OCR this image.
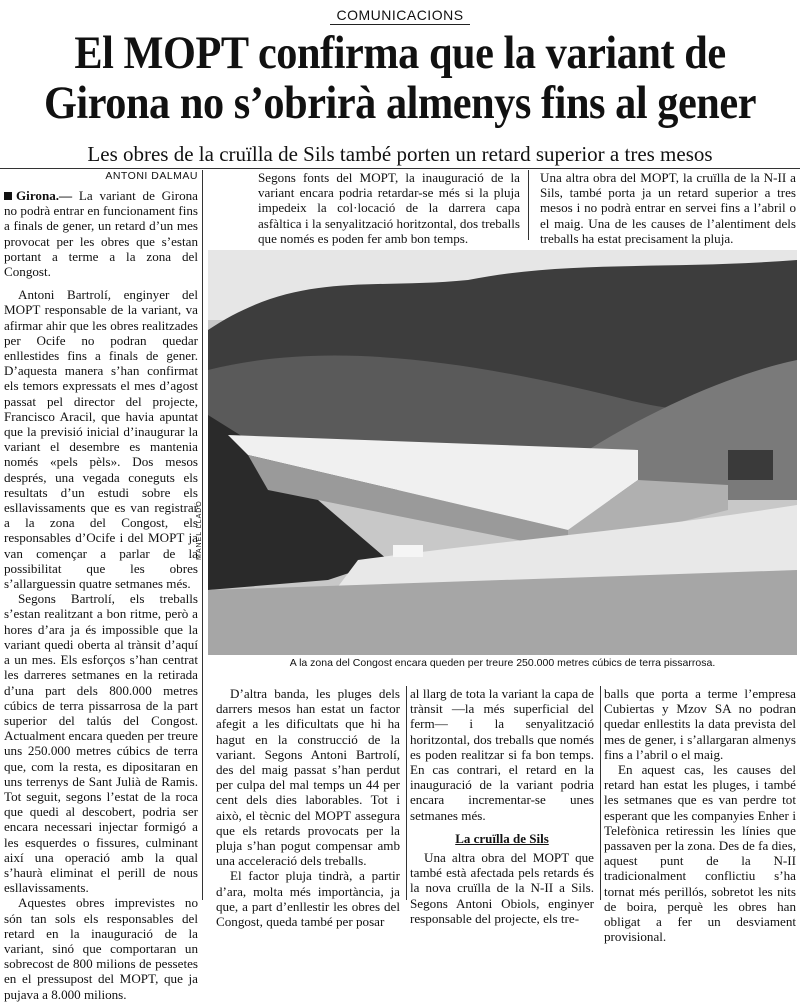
COMUNICACIONS
El MOPT confirma que la variant de Girona no s’obrirà almenys fins al gener
Les obres de la cruïlla de Sils també porten un retard superior a tres mesos
ANTONI DALMAU
Girona.— La variant de Girona no podrà entrar en funcionament fins a finals de gener, un retard d’un mes provocat per les obres que s’estan portant a terme a la zona del Congost.

Antoni Bartrolí, enginyer del MOPT responsable de la variant, va afirmar ahir que les obres realitzades per Ocife no podran quedar enllestides fins a finals de gener. D’aquesta manera s’han confirmat els temors expressats el mes d’agost passat pel director del projecte, Francisco Aracil, que havia apuntat que la previsió inicial d’inaugurar la variant el desembre es mantenia només «pels pèls». Dos mesos després, una vegada coneguts els resultats d’un estudi sobre els esllavissaments que es van registrar a la zona del Congost, els responsables d’Ocife i del MOPT ja van començar a parlar de la possibilitat que les obres s’allarguessin quatre setmanes més.

Segons Bartrolí, els treballs s’estan realitzant a bon ritme, però a hores d’ara ja és impossible que la variant quedi oberta al trànsit d’aquí a un mes. Els esforços s’han centrat les darreres setmanes en la retirada d’una part dels 800.000 metres cúbics de terra pissarrosa de la part superior del talús del Congost. Actualment encara queden per treure uns 250.000 metres cúbics de terra que, com la resta, es dipositaran en uns terrenys de Sant Julià de Ramis. Tot seguit, segons l’estat de la roca que quedi al descobert, podria ser encara necessari injectar formigó a les esquerdes o fissures, culminant així una operació amb la qual s’haurà eliminat el perill de nous esllavissaments.

Aquestes obres imprevistes no són tan sols els responsables del retard en la inauguració de la variant, sinó que comportaran un sobrecost de 800 milions de pessetes en el pressupost del MOPT, que ja pujava a 8.000 milions.

Segons fonts del MOPT, la inauguració de la variant encara podria retardar-se més si la pluja impedeix la col·locació de la darrera capa asfàltica i la senyalització horitzontal, dos treballs que només es poden fer amb bon temps.
Una altra obra del MOPT, la cruïlla de la N-II a Sils, també porta ja un retard superior a tres mesos i no podrà entrar en servei fins a l’abril o el maig. Una de les causes de l’alentiment dels treballs ha estat precisament la pluja.
MANEL LLADÓ
A la zona del Congost encara queden per treure 250.000 metres cúbics de terra pissarrosa.

D’altra banda, les pluges dels darrers mesos han estat un factor afegit a les dificultats que hi ha hagut en la construcció de la variant. Segons Antoni Bartrolí, des del maig passat s’han perdut per culpa del mal temps un 44 per cent dels dies laborables. Tot i això, el tècnic del MOPT assegura que els retards provocats per la pluja s’han pogut compensar amb una acceleració dels treballs.

El factor pluja tindrà, a partir d’ara, molta més importància, ja que, a part d’enllestir les obres del Congost, queda també per posar

al llarg de tota la variant la capa de trànsit —la més superficial del ferm— i la senyalització horitzontal, dos treballs que només es poden realitzar si fa bon temps. En cas contrari, el retard en la inauguració de la variant podria encara incrementar-se unes setmanes més.

La cruïlla de Sils

Una altra obra del MOPT que també està afectada pels retards és la nova cruïlla de la N-II a Sils. Segons Antoni Obiols, enginyer responsable del projecte, els tre-

balls que porta a terme l’empresa Cubiertas y Mzov SA no podran quedar enllestits la data prevista del mes de gener, i s’allargaran almenys fins a l’abril o el maig.

En aquest cas, les causes del retard han estat les pluges, i també les setmanes que es van perdre tot esperant que les companyies Enher i Telefònica retiressin les línies que passaven per la zona. Des de fa dies, aquest punt de la N-II tradicionalment conflictiu s’ha tornat més perillós, sobretot les nits de boira, perquè les obres han obligat a fer un desviament provisional.
